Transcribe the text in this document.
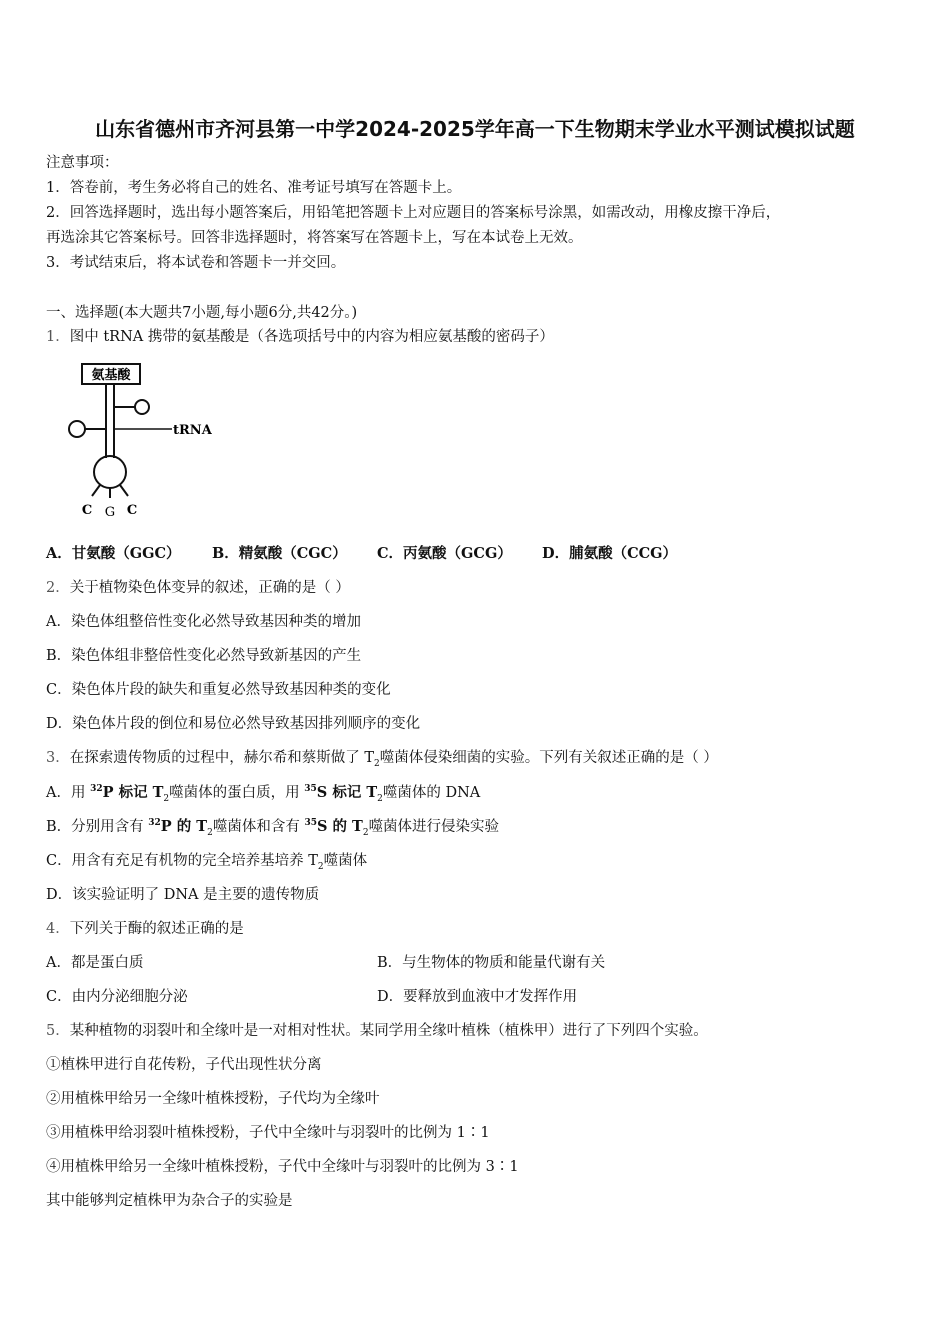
山东省德州市齐河县第一中学2024-2025学年高一下生物期末学业水平测试模拟试题
注意事项：
1．答卷前，考生务必将自己的姓名、准考证号填写在答题卡上。
2．回答选择题时，选出每小题答案后，用铅笔把答题卡上对应题目的答案标号涂黑，如需改动，用橡皮擦干净后，
再选涂其它答案标号。回答非选择题时，将答案写在答题卡上，写在本试卷上无效。
3．考试结束后，将本试卷和答题卡一并交回。
一、选择题(本大题共7小题,每小题6分,共42分。)
1．图中 tRNA 携带的氨基酸是（各选项括号中的内容为相应氨基酸的密码子）
氨基酸
tRNA
C G C
A．甘氨酸（GGC） B．精氨酸（CGC） C．丙氨酸（GCG） D．脯氨酸（CCG）
2．关于植物染色体变异的叙述，正确的是（ ）
A．染色体组整倍性变化必然导致基因种类的增加
B．染色体组非整倍性变化必然导致新基因的产生
C．染色体片段的缺失和重复必然导致基因种类的变化
D．染色体片段的倒位和易位必然导致基因排列顺序的变化
3．在探索遗传物质的过程中，赫尔希和蔡斯做了 $T_2$噬菌体侵染细菌的实验。下列有关叙述正确的是（ ）
A．用 $^{32}$P 标记 $T_2$噬菌体的蛋白质，用 $^{35}$S 标记 $T_2$噬菌体的 DNA
B．分别用含有 $^{32}$P 的 $T_2$噬菌体和含有 $^{35}$S 的 $T_2$噬菌体进行侵染实验
C．用含有充足有机物的完全培养基培养 $T_2$噬菌体
D．该实验证明了 DNA 是主要的遗传物质
4．下列关于酶的叙述正确的是
A．都是蛋白质	B．与生物体的物质和能量代谢有关
C．由内分泌细胞分泌	D．要释放到血液中才发挥作用
5．某种植物的羽裂叶和全缘叶是一对相对性状。某同学用全缘叶植株（植株甲）进行了下列四个实验。
①植株甲进行自花传粉，子代出现性状分离
②用植株甲给另一全缘叶植株授粉，子代均为全缘叶
③用植株甲给羽裂叶植株授粉，子代中全缘叶与羽裂叶的比例为 1∶1
④用植株甲给另一全缘叶植株授粉，子代中全缘叶与羽裂叶的比例为 3∶1
其中能够判定植株甲为杂合子的实验是
